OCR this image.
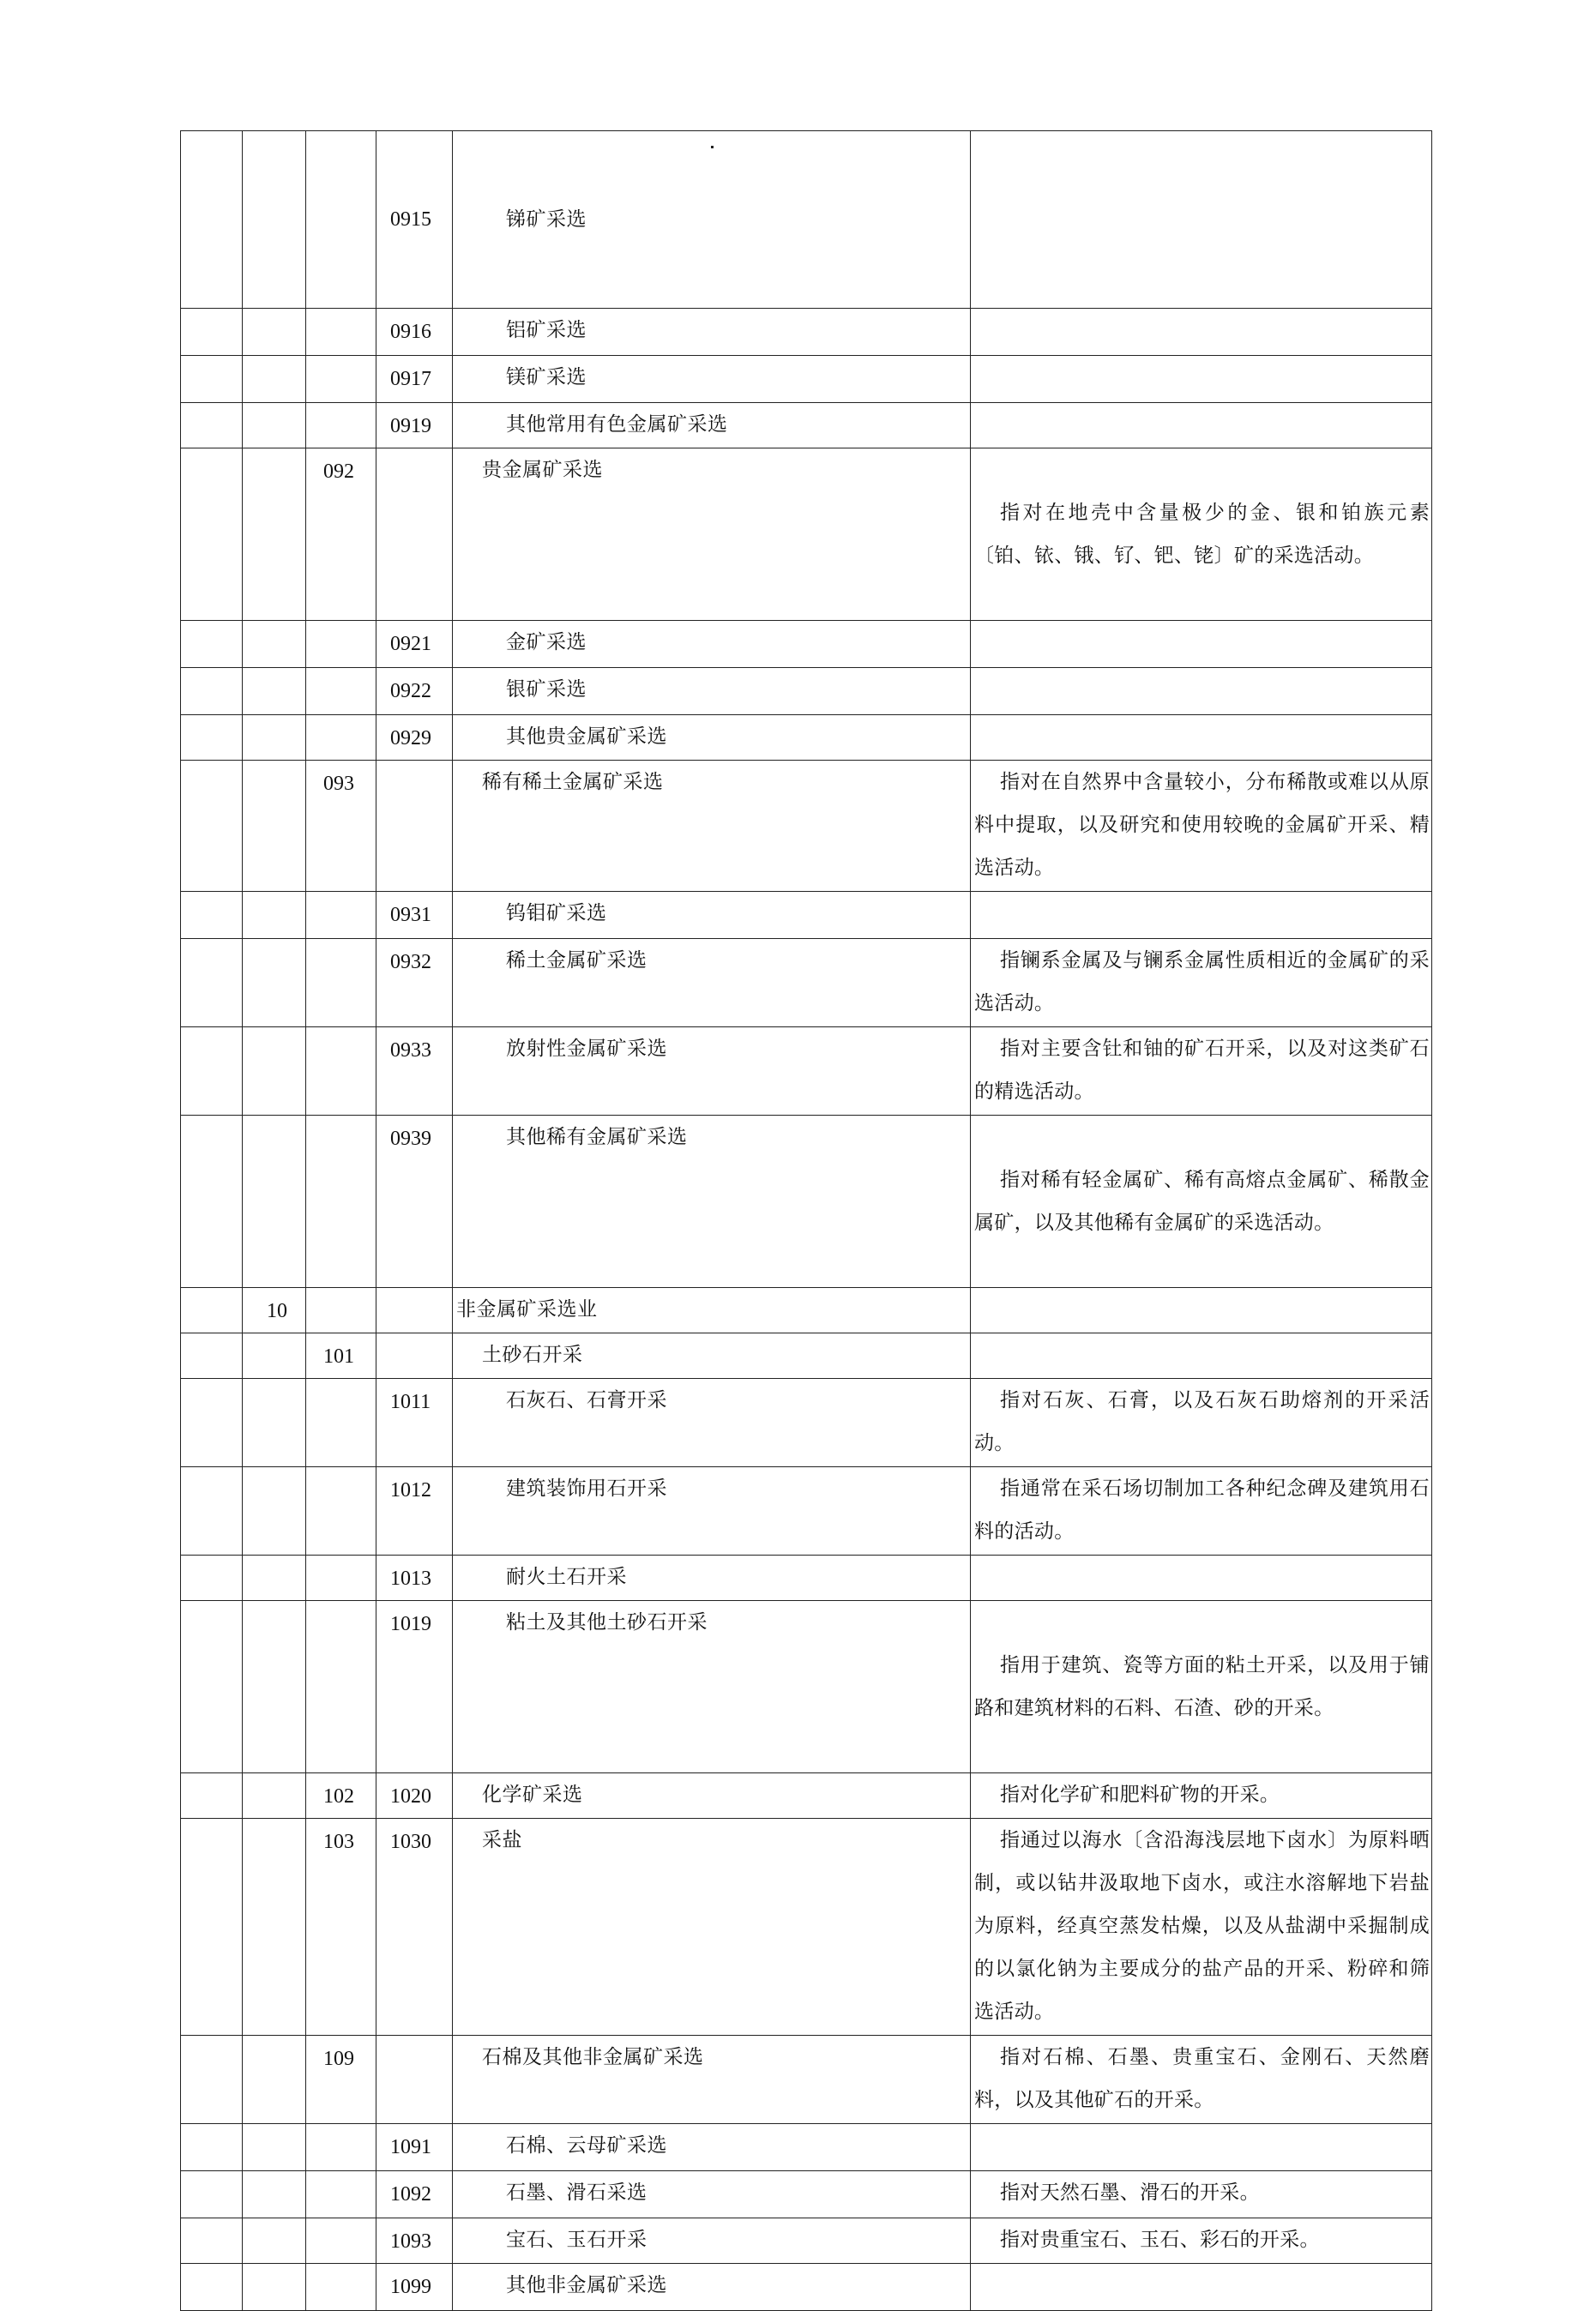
			0915	锑矿采选	

			0916	铝矿采选	

			0917	镁矿采选	

			0919	其他常用有色金属矿采选	

		092		贵金属矿采选	指对在地壳中含量极少的金、银和铂族元素〔铂、铱、锇、钌、钯、铑〕矿的采选活动。

			0921	金矿采选	

			0922	银矿采选	

			0929	其他贵金属矿采选	

		093		稀有稀土金属矿采选	指对在自然界中含量较小，分布稀散或难以从原料中提取，以及研究和使用较晚的金属矿开采、精选活动。

			0931	钨钼矿采选	

			0932	稀土金属矿采选	指镧系金属及与镧系金属性质相近的金属矿的采选活动。

			0933	放射性金属矿采选	指对主要含钍和铀的矿石开采，以及对这类矿石的精选活动。

			0939	其他稀有金属矿采选	指对稀有轻金属矿、稀有高熔点金属矿、稀散金属矿，以及其他稀有金属矿的采选活动。

	10			非金属矿采选业	

		101		土砂石开采	

			1011	石灰石、石膏开采	指对石灰、石膏，以及石灰石助熔剂的开采活动。

			1012	建筑装饰用石开采	指通常在采石场切制加工各种纪念碑及建筑用石料的活动。

			1013	耐火土石开采	

			1019	粘土及其他土砂石开采	指用于建筑、瓷等方面的粘土开采，以及用于铺路和建筑材料的石料、石渣、砂的开采。

		102	1020	化学矿采选	指对化学矿和肥料矿物的开采。

		103	1030	采盐	指通过以海水〔含沿海浅层地下卤水〕为原料晒制，或以钻井汲取地下卤水，或注水溶解地下岩盐为原料，经真空蒸发枯燥，以及从盐湖中采掘制成的以氯化钠为主要成分的盐产品的开采、粉碎和筛选活动。

		109		石棉及其他非金属矿采选	指对石棉、石墨、贵重宝石、金刚石、天然磨料，以及其他矿石的开采。

			1091	石棉、云母矿采选	

			1092	石墨、滑石采选	指对天然石墨、滑石的开采。

			1093	宝石、玉石开采	指对贵重宝石、玉石、彩石的开采。

			1099	其他非金属矿采选	
